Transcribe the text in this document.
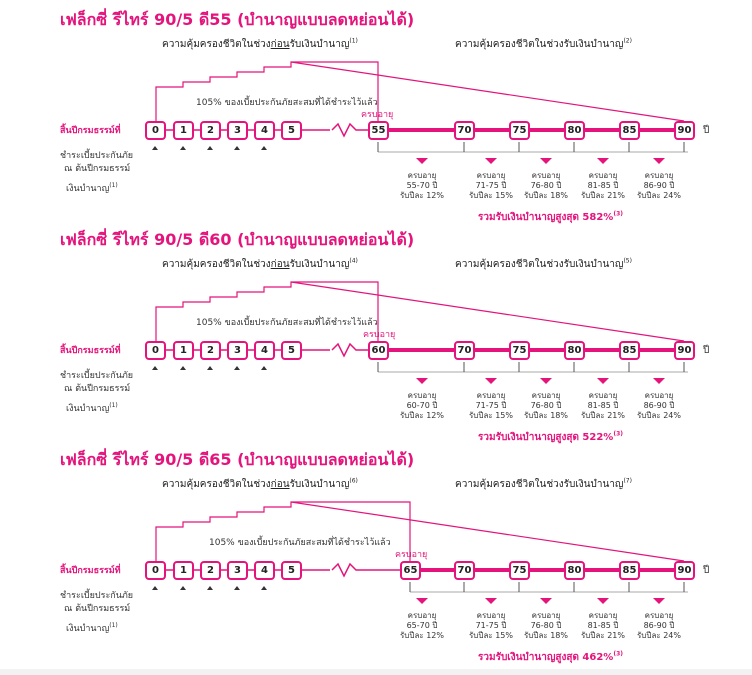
เฟล็กซี่ รีไทร์ 90/5 ดี55 (บำนาญแบบลดหย่อนได้)
ความคุ้มครองชีวิตในช่วงก่อนรับเงินบำนาญ$^{(1)}$	ความคุ้มครองชีวิตในช่วงรับเงินบำนาญ$^{(2)}$
105% ของเบี้ยประกันภัยสะสมที่ได้ชำระไว้แล้ว
สิ้นปีกรมธรรม์ที่
ชำระเบี้ยประกันภัย
ณ ต้นปีกรมธรรม์
เงินบำนาญ$^{(1)}$
ครบอายุ
ปี
รวมรับเงินบำนาญสูงสุด 582%$^{(3)}$
0	1	2	3	4	5	55	70	75	80	85	90
ครบอายุ
55-70 ปี
รับปีละ 12%
ครบอายุ
71-75 ปี
รับปีละ 15%
ครบอายุ
76-80 ปี
รับปีละ 18%
ครบอายุ
81-85 ปี
รับปีละ 21%
ครบอายุ
86-90 ปี
รับปีละ 24%
เฟล็กซี่ รีไทร์ 90/5 ดี60 (บำนาญแบบลดหย่อนได้)
ความคุ้มครองชีวิตในช่วงก่อนรับเงินบำนาญ$^{(4)}$	ความคุ้มครองชีวิตในช่วงรับเงินบำนาญ$^{(5)}$
105% ของเบี้ยประกันภัยสะสมที่ได้ชำระไว้แล้ว
สิ้นปีกรมธรรม์ที่
ชำระเบี้ยประกันภัย
ณ ต้นปีกรมธรรม์
เงินบำนาญ$^{(1)}$
ครบอายุ
ปี
รวมรับเงินบำนาญสูงสุด 522%$^{(3)}$
0	1	2	3	4	5	60	70	75	80	85	90
ครบอายุ
60-70 ปี
รับปีละ 12%
ครบอายุ
71-75 ปี
รับปีละ 15%
ครบอายุ
76-80 ปี
รับปีละ 18%
ครบอายุ
81-85 ปี
รับปีละ 21%
ครบอายุ
86-90 ปี
รับปีละ 24%
เฟล็กซี่ รีไทร์ 90/5 ดี65 (บำนาญแบบลดหย่อนได้)
ความคุ้มครองชีวิตในช่วงก่อนรับเงินบำนาญ$^{(6)}$	ความคุ้มครองชีวิตในช่วงรับเงินบำนาญ$^{(7)}$
105% ของเบี้ยประกันภัยสะสมที่ได้ชำระไว้แล้ว
สิ้นปีกรมธรรม์ที่
ชำระเบี้ยประกันภัย
ณ ต้นปีกรมธรรม์
เงินบำนาญ$^{(1)}$
ครบอายุ
ปี
รวมรับเงินบำนาญสูงสุด 462%$^{(3)}$
0	1	2	3	4	5	65	70	75	80	85	90
ครบอายุ
65-70 ปี
รับปีละ 12%
ครบอายุ
71-75 ปี
รับปีละ 15%
ครบอายุ
76-80 ปี
รับปีละ 18%
ครบอายุ
81-85 ปี
รับปีละ 21%
ครบอายุ
86-90 ปี
รับปีละ 24%
